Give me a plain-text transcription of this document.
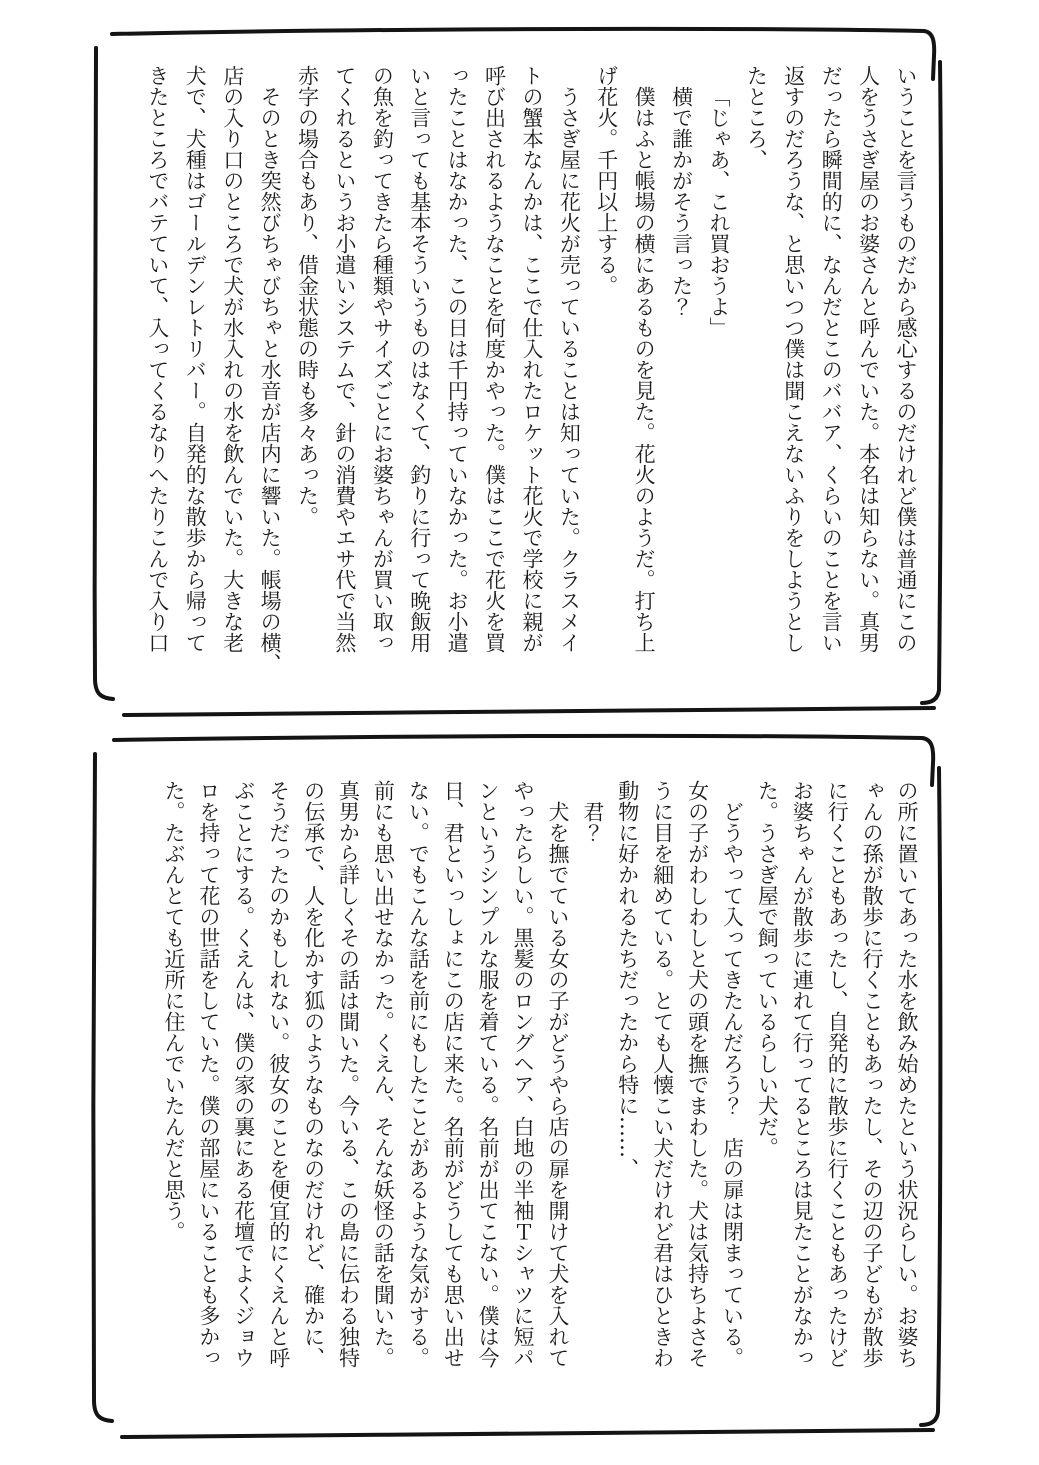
いうことを言うものだから感心するのだけれど僕は普通にこの

人をうさぎ屋のお婆さんと呼んでいた。本名は知らない。真男

だったら瞬間的に、なんだとこのババア、くらいのことを言い

返すのだろうな、と思いつつ僕は聞こえないふりをしようとし

たところ、

「じゃあ、これ買おうよ」

横で誰かがそう言った？

僕はふと帳場の横にあるものを見た。花火のようだ。打ち上

げ花火。千円以上する。

うさぎ屋に花火が売っていることは知っていた。クラスメイ

トの蟹本なんかは、ここで仕入れたロケット花火で学校に親が

呼び出されるようなことを何度かやった。僕はここで花火を買

ったことはなかった、この日は千円持っていなかった。お小遣

いと言っても基本そういうものはなくて、釣りに行って晩飯用

の魚を釣ってきたら種類やサイズごとにお婆ちゃんが買い取っ

てくれるというお小遣いシステムで、針の消費やエサ代で当然

赤字の場合もあり、借金状態の時も多々あった。

そのとき突然びちゃびちゃと水音が店内に響いた。帳場の横、

店の入り口のところで犬が水入れの水を飲んでいた。大きな老

犬で、犬種はゴールデンレトリバー。自発的な散歩から帰って

きたところでバテていて、入ってくるなりへたりこんで入り口

の所に置いてあった水を飲み始めたという状況らしい。お婆ち

ゃんの孫が散歩に行くこともあったし、その辺の子どもが散歩

に行くこともあったし、自発的に散歩に行くこともあったけど

お婆ちゃんが散歩に連れて行ってるところは見たことがなかっ

た。うさぎ屋で飼っているらしい犬だ。

どうやって入ってきたんだろう？　店の扉は閉まっている。

女の子がわしわしと犬の頭を撫でまわした。犬は気持ちよさそ

うに目を細めている。とても人懐こい犬だけれど君はひときわ

動物に好かれるたちだったから特に……、

君？

犬を撫でている女の子がどうやら店の扉を開けて犬を入れて

やったらしい。黒髪のロングヘア、白地の半袖Ｔシャツに短パ

ンというシンプルな服を着ている。名前が出てこない。僕は今

日、君といっしょにこの店に来た。名前がどうしても思い出せ

ない。でもこんな話を前にもしたことがあるような気がする。

前にも思い出せなかった。くえん、そんな妖怪の話を聞いた。

真男から詳しくその話は聞いた。今いる、この島に伝わる独特

の伝承で、人を化かす狐のようなものなのだけれど、確かに、

そうだったのかもしれない。彼女のことを便宜的にくえんと呼

ぶことにする。くえんは、僕の家の裏にある花壇でよくジョウ

ロを持って花の世話をしていた。僕の部屋にいることも多かっ

た。たぶんとても近所に住んでいたんだと思う。
